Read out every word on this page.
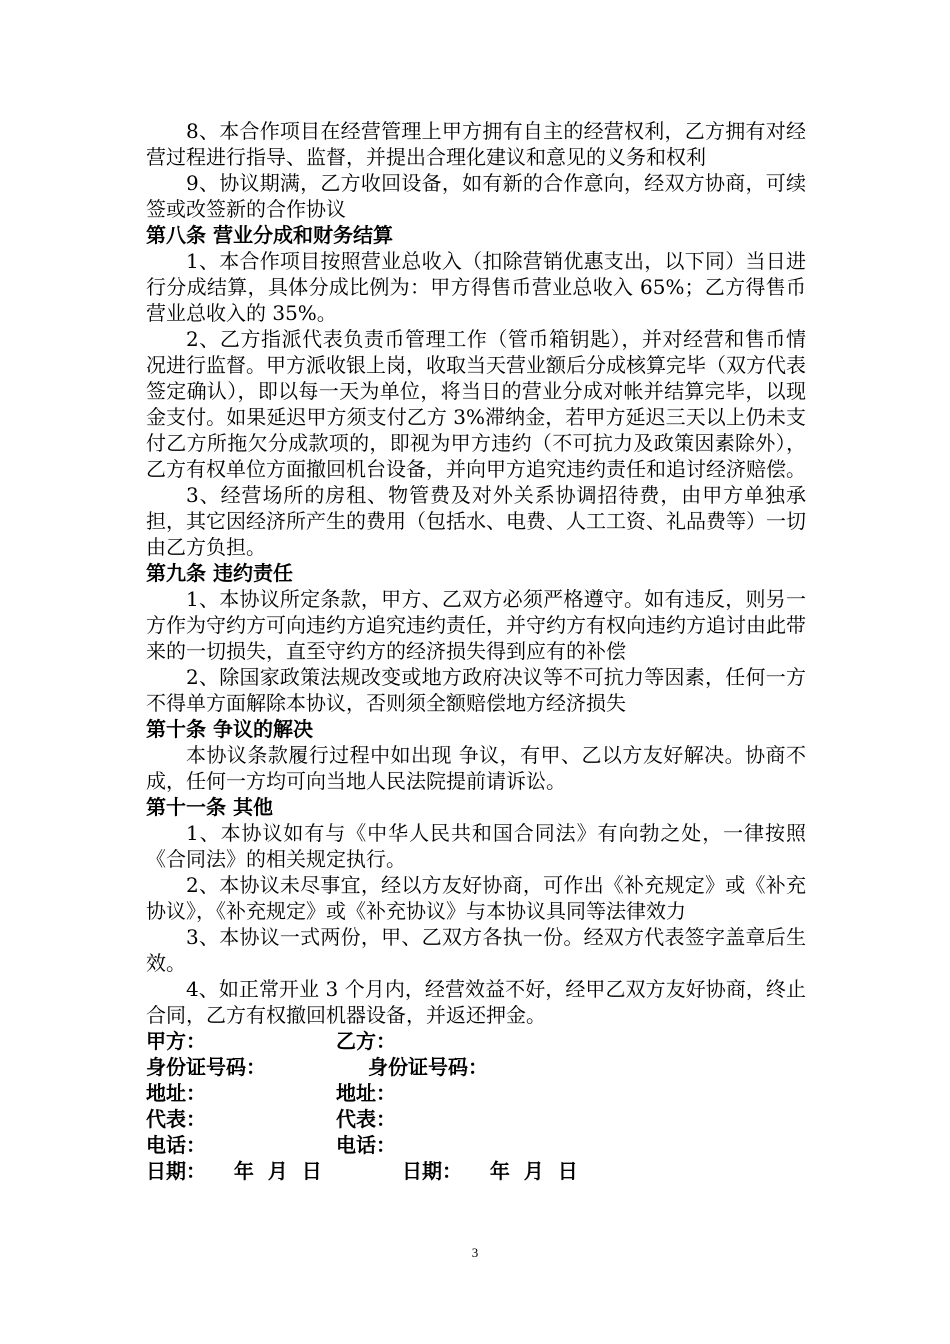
8、本合作项目在经营管理上甲方拥有自主的经营权利，乙方拥有对经营过程进行指导、监督，并提出合理化建议和意见的义务和权利

9、协议期满，乙方收回设备，如有新的合作意向，经双方协商，可续签或改签新的合作协议

第八条 营业分成和财务结算

1、本合作项目按照营业总收入（扣除营销优惠支出，以下同）当日进行分成结算，具体分成比例为：甲方得售币营业总收入 65%；乙方得售币营业总收入的 35%。

2、乙方指派代表负责币管理工作（管币箱钥匙），并对经营和售币情况进行监督。甲方派收银上岗，收取当天营业额后分成核算完毕（双方代表签定确认），即以每一天为单位，将当日的营业分成对帐并结算完毕，以现金支付。如果延迟甲方须支付乙方 3%滞纳金，若甲方延迟三天以上仍未支付乙方所拖欠分成款项的，即视为甲方违约（不可抗力及政策因素除外），乙方有权单位方面撤回机台设备，并向甲方追究违约责任和追讨经济赔偿。

3、经营场所的房租、物管费及对外关系协调招待费，由甲方单独承担，其它因经济所产生的费用（包括水、电费、人工工资、礼品费等）一切由乙方负担。

第九条 违约责任

1、本协议所定条款，甲方、乙双方必须严格遵守。如有违反，则另一方作为守约方可向违约方追究违约责任，并守约方有权向违约方追讨由此带来的一切损失，直至守约方的经济损失得到应有的补偿

2、除国家政策法规改变或地方政府决议等不可抗力等因素，任何一方不得单方面解除本协议，否则须全额赔偿地方经济损失

第十条 争议的解决

本协议条款履行过程中如出现 争议，有甲、乙以方友好解决。协商不成，任何一方均可向当地人民法院提前请诉讼。

第十一条 其他

1、本协议如有与《中华人民共和国合同法》有向勃之处，一律按照《合同法》的相关规定执行。

2、本协议未尽事宜，经以方友好协商，可作出《补充规定》或《补充协议》，《补充规定》或《补充协议》与本协议具同等法律效力

3、本协议一式两份，甲、乙双方各执一份。经双方代表签字盖章后生效。

4、如正常开业 3 个月内，经营效益不好，经甲乙双方友好协商，终止合同，乙方有权撤回机器设备，并返还押金。

甲方：	乙方：
身份证号码：	身份证号码：
地址：	地址：
代表：	代表：
电话：	电话：
日期：    年  月  日	日期：    年  月  日
3
